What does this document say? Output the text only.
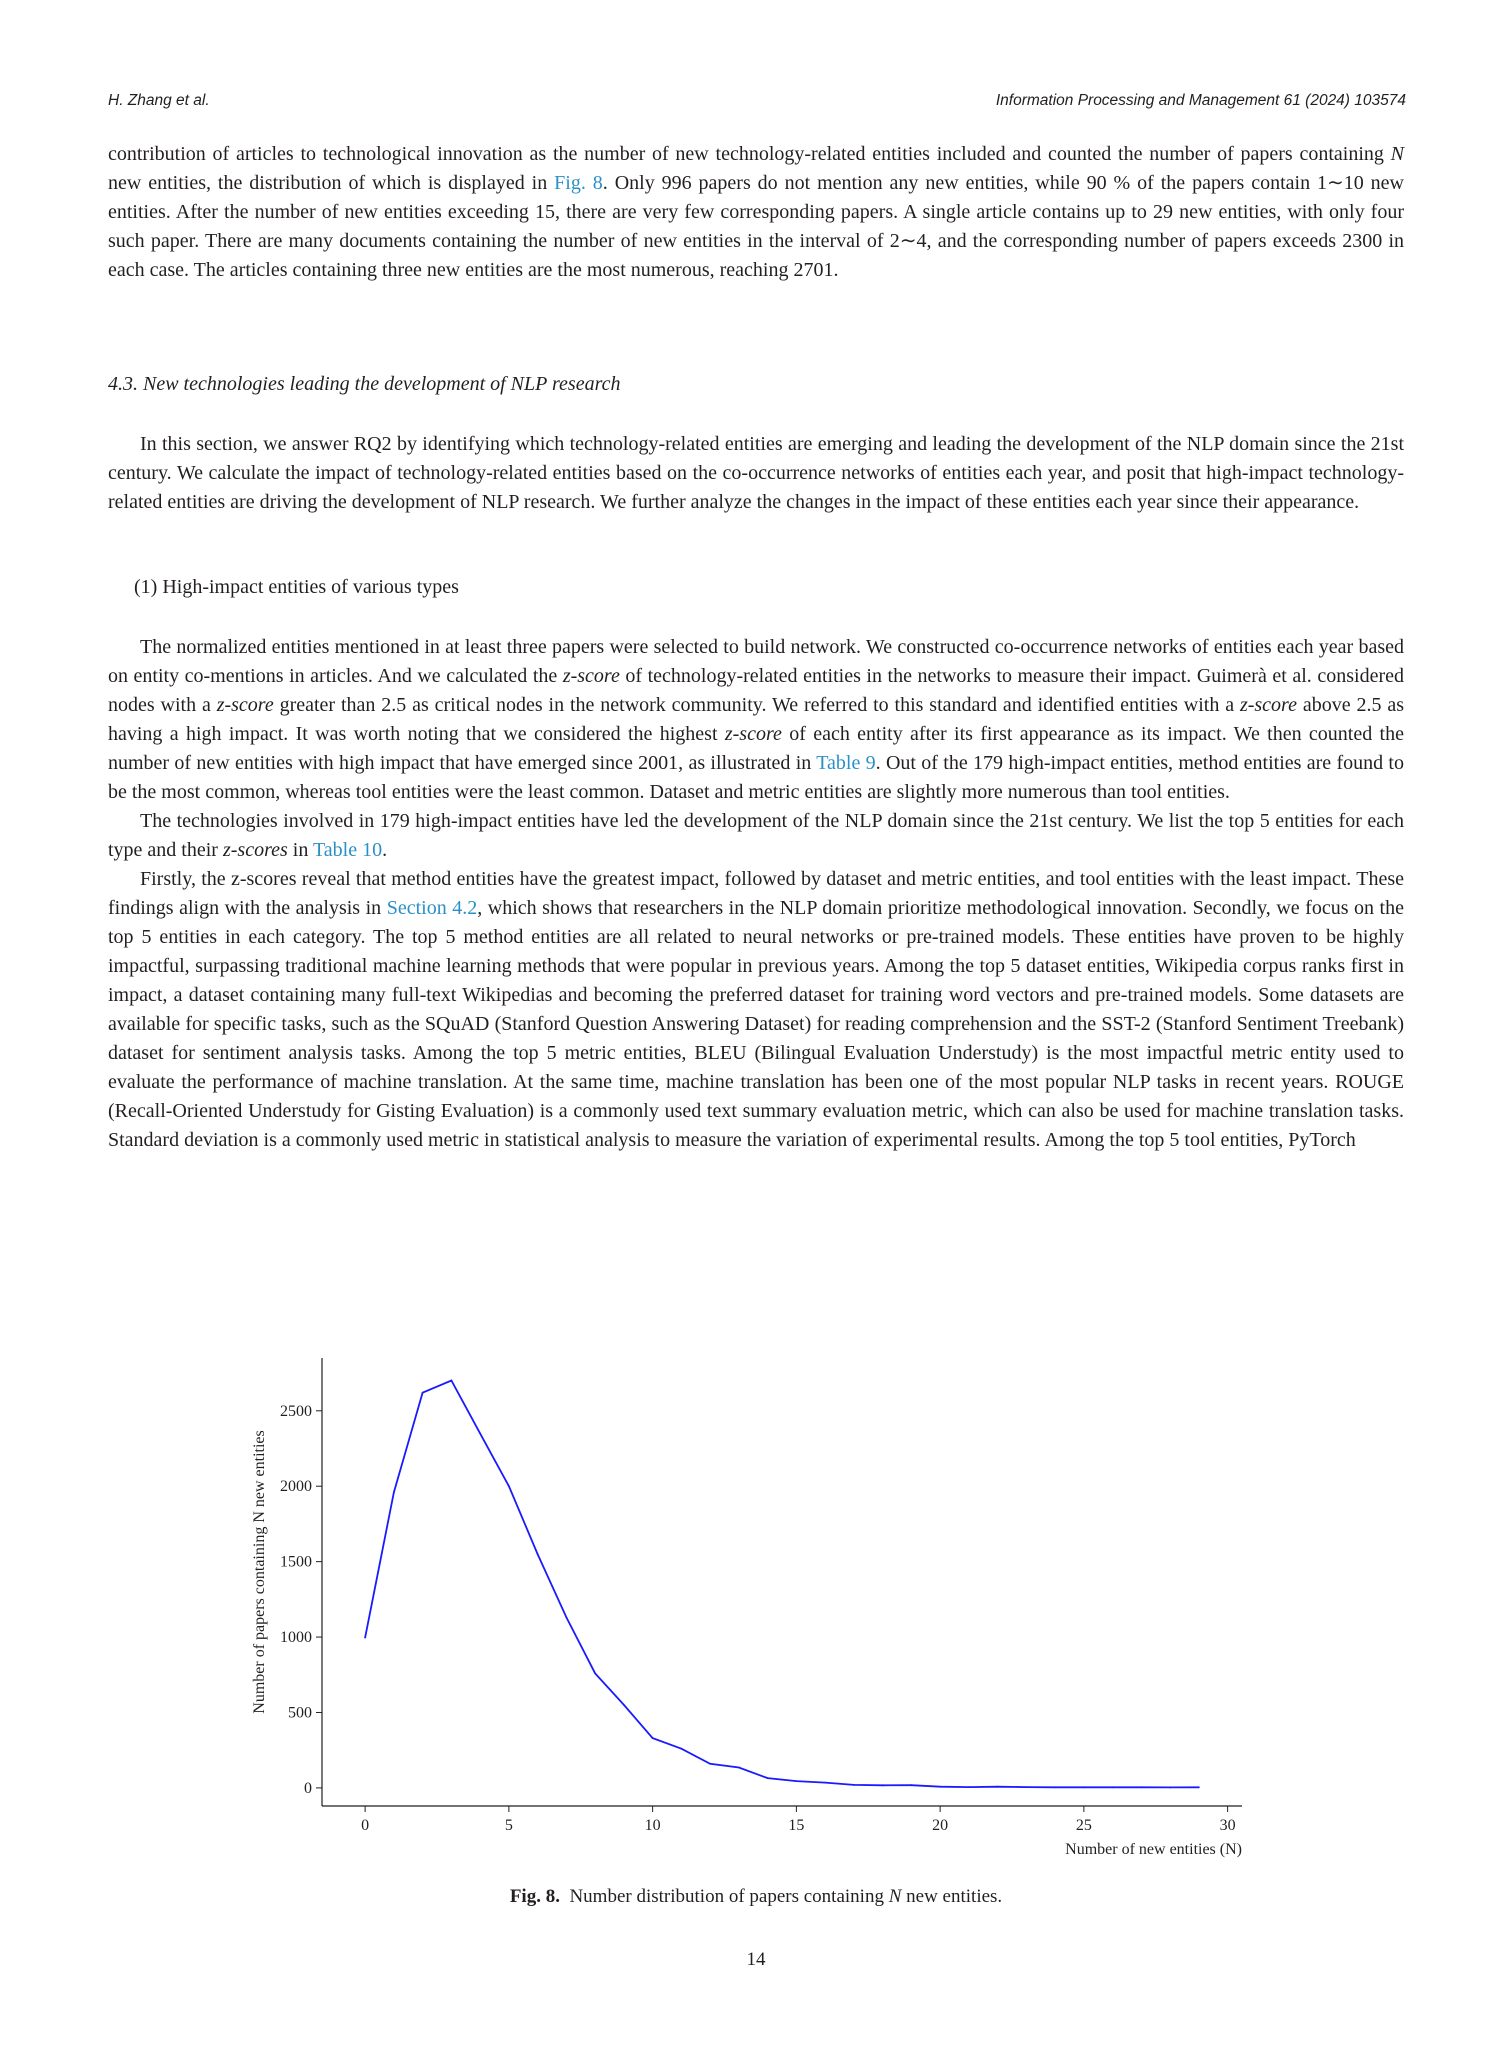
H. Zhang et al.	Information Processing and Management 61 (2024) 103574

contribution of articles to technological innovation as the number of new technology-related entities included and counted the number of papers containing N new entities, the distribution of which is displayed in Fig. 8. Only 996 papers do not mention any new entities, while 90 % of the papers contain 1∼10 new entities. After the number of new entities exceeding 15, there are very few corresponding papers. A single article contains up to 29 new entities, with only four such paper. There are many documents containing the number of new entities in the interval of 2∼4, and the corresponding number of papers exceeds 2300 in each case. The articles containing three new entities are the most numerous, reaching 2701.

4.3. New technologies leading the development of NLP research

In this section, we answer RQ2 by identifying which technology-related entities are emerging and leading the development of the NLP domain since the 21st century. We calculate the impact of technology-related entities based on the co-occurrence networks of entities each year, and posit that high-impact technology-related entities are driving the development of NLP research. We further analyze the changes in the impact of these entities each year since their appearance.

(1) High-impact entities of various types

The normalized entities mentioned in at least three papers were selected to build network. We constructed co-occurrence networks of entities each year based on entity co-mentions in articles. And we calculated the z-score of technology-related entities in the networks to measure their impact. Guimerà et al. considered nodes with a z-score greater than 2.5 as critical nodes in the network community. We referred to this standard and identified entities with a z-score above 2.5 as having a high impact. It was worth noting that we considered the highest z-score of each entity after its first appearance as its impact. We then counted the number of new entities with high impact that have emerged since 2001, as illustrated in Table 9. Out of the 179 high-impact entities, method entities are found to be the most common, whereas tool entities were the least common. Dataset and metric entities are slightly more numerous than tool entities.

The technologies involved in 179 high-impact entities have led the development of the NLP domain since the 21st century. We list the top 5 entities for each type and their z-scores in Table 10.

Firstly, the z-scores reveal that method entities have the greatest impact, followed by dataset and metric entities, and tool entities with the least impact. These findings align with the analysis in Section 4.2, which shows that researchers in the NLP domain prioritize methodological innovation. Secondly, we focus on the top 5 entities in each category. The top 5 method entities are all related to neural networks or pre-trained models. These entities have proven to be highly impactful, surpassing traditional machine learning methods that were popular in previous years. Among the top 5 dataset entities, Wikipedia corpus ranks first in impact, a dataset containing many full-text Wikipedias and becoming the preferred dataset for training word vectors and pre-trained models. Some datasets are available for specific tasks, such as the SQuAD (Stanford Question Answering Dataset) for reading comprehension and the SST-2 (Stanford Sentiment Treebank) dataset for sentiment analysis tasks. Among the top 5 metric entities, BLEU (Bilingual Evaluation Understudy) is the most impactful metric entity used to evaluate the performance of machine translation. At the same time, machine translation has been one of the most popular NLP tasks in recent years. ROUGE (Recall-Oriented Understudy for Gisting Evaluation) is a commonly used text summary evaluation metric, which can also be used for machine translation tasks. Standard deviation is a commonly used metric in statistical analysis to measure the variation of experimental results. Among the top 5 tool entities, PyTorch

0	5	10	15	20	25	30
0
500
1000
1500
2000
2500
Number of new entities (N)
Number of papers containing N new entities
Fig. 8. Number distribution of papers containing N new entities.
14
